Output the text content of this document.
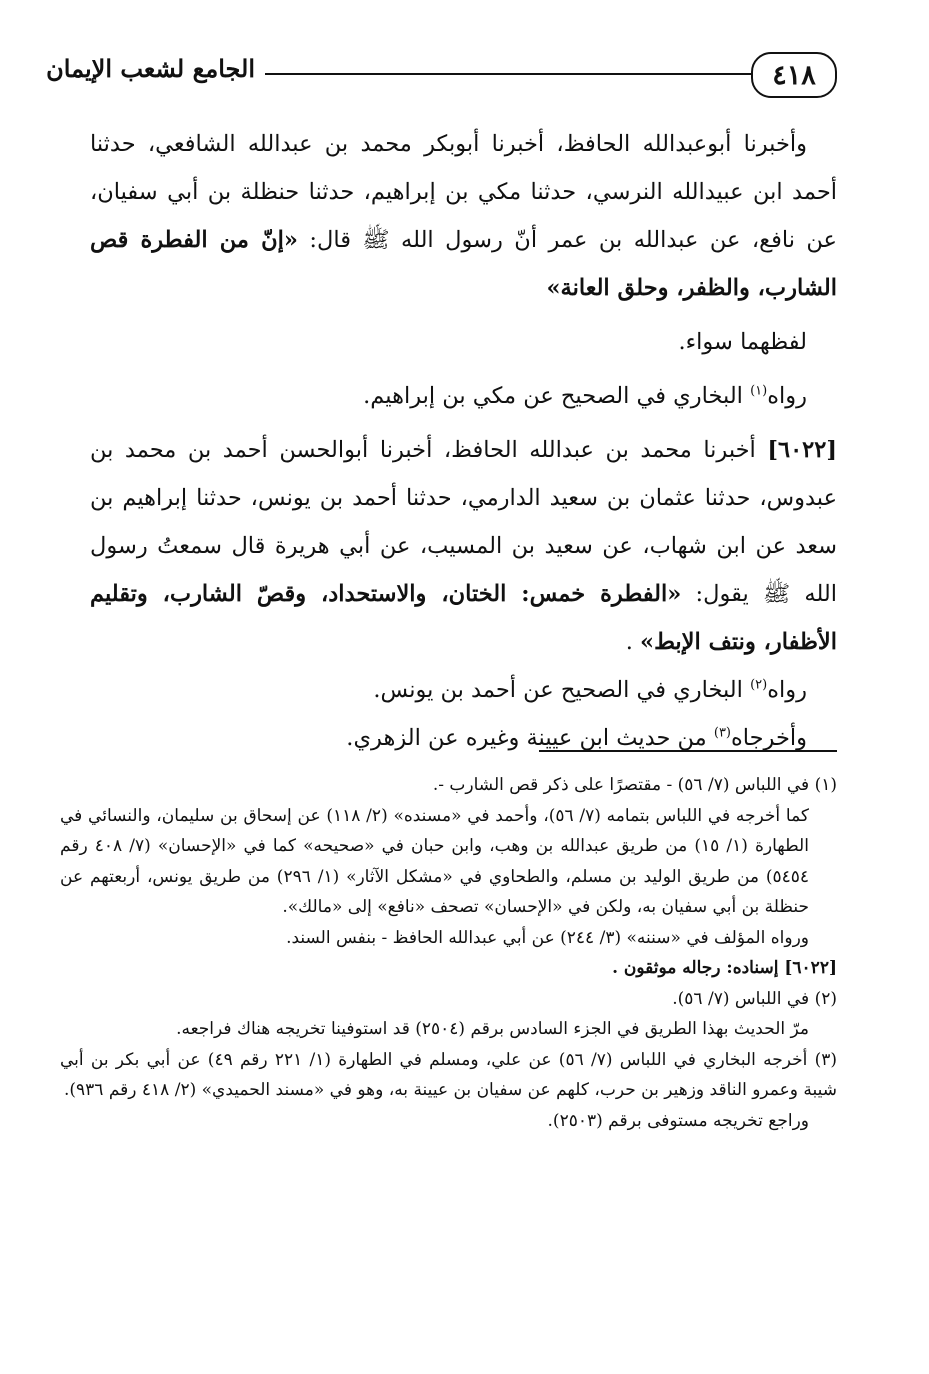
٤١٨
الجامع لشعب الإيمان

وأخبرنا أبوعبدالله الحافظ، أخبرنا أبوبكر محمد بن عبدالله الشافعي، حدثنا أحمد ابن عبيدالله النرسي، حدثنا مكي بن إبراهيم، حدثنا حنظلة بن أبي سفيان، عن نافع، عن عبدالله بن عمر أنّ رسول الله ﷺ قال: «إنّ من الفطرة قص الشارب، والظفر، وحلق العانة»

لفظهما سواء.

رواه$^{(١)}$ البخاري في الصحيح عن مكي بن إبراهيم.

[٦٠٢٢] أخبرنا محمد بن عبدالله الحافظ، أخبرنا أبوالحسن أحمد بن محمد بن عبدوس، حدثنا عثمان بن سعيد الدارمي، حدثنا أحمد بن يونس، حدثنا إبراهيم بن سعد عن ابن شهاب، عن سعيد بن المسيب، عن أبي هريرة قال سمعتُ رسول الله ﷺ يقول: «الفطرة خمس: الختان، والاستحداد، وقصّ الشارب، وتقليم الأظفار، ونتف الإبط» .

رواه$^{(٢)}$ البخاري في الصحيح عن أحمد بن يونس.

وأخرجاه$^{(٣)}$ من حديث ابن عيينة وغيره عن الزهري.

(١) في اللباس (٧/ ٥٦) - مقتصرًا على ذكر قص الشارب -.

كما أخرجه في اللباس بتمامه (٧/ ٥٦)، وأحمد في «مسنده» (٢/ ١١٨) عن إسحاق بن سليمان، والنسائي في الطهارة (١/ ١٥) من طريق عبدالله بن وهب، وابن حبان في «صحيحه» كما في «الإحسان» (٧/ ٤٠٨ رقم ٥٤٥٤) من طريق الوليد بن مسلم، والطحاوي في «مشكل الآثار» (١/ ٢٩٦) من طريق يونس، أربعتهم عن حنظلة بن أبي سفيان به، ولكن في «الإحسان» تصحف «نافع» إلى «مالك».

ورواه المؤلف في «سننه» (٣/ ٢٤٤) عن أبي عبدالله الحافظ - بنفس السند.

[٦٠٢٢] إسناده: رجاله موثقون .

(٢) في اللباس (٧/ ٥٦).

مرّ الحديث بهذا الطريق في الجزء السادس برقم (٢٥٠٤) قد استوفينا تخريجه هناك فراجعه.

(٣) أخرجه البخاري في اللباس (٧/ ٥٦) عن علي، ومسلم في الطهارة (١/ ٢٢١ رقم ٤٩) عن أبي بكر بن أبي شيبة وعمرو الناقد وزهير بن حرب، كلهم عن سفيان بن عيينة به، وهو في «مسند الحميدي» (٢/ ٤١٨ رقم ٩٣٦).

وراجع تخريجه مستوفى برقم (٢٥٠٣).
